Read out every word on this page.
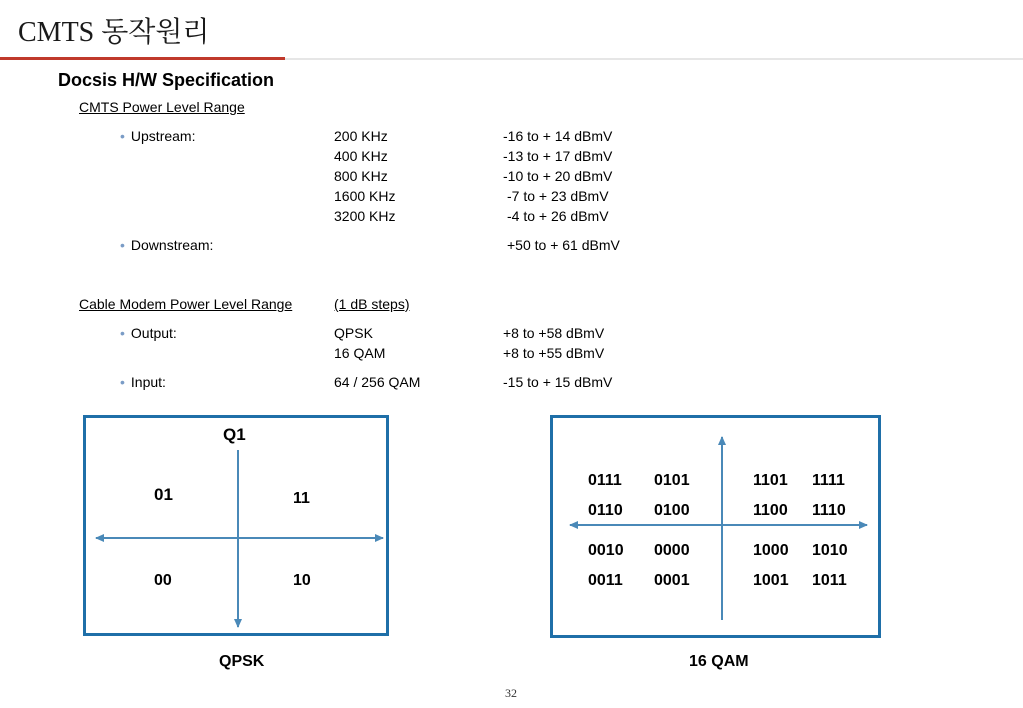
CMTS 동작원리
Docsis H/W Specification
CMTS Power Level Range
• Upstream:	200 KHz	-16 to + 14 dBmV
400 KHz	-13 to + 17 dBmV
800 KHz	-10 to + 20 dBmV
1600 KHz	-7 to + 23 dBmV
3200 KHz	-4 to + 26 dBmV
• Downstream:	+50 to + 61 dBmV
Cable Modem Power Level Range	(1 dB steps)
• Output:	QPSK	+8 to +58 dBmV
16 QAM	+8 to +55 dBmV
• Input:	64 / 256 QAM	-15 to + 15 dBmV
Q1
01	11
00	10
QPSK
0111 0101	1101 1111
0110 0100	1100 1110
0010 0000	1000 1010
0011 0001	1001 1011
16 QAM
32
